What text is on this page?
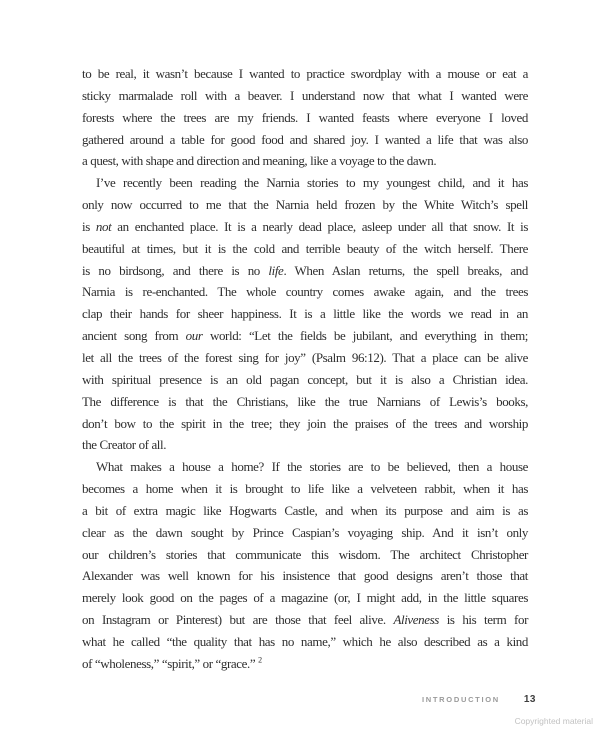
to be real, it wasn’t because I wanted to practice swordplay with a mouse or eat a
sticky marmalade roll with a beaver. I understand now that what I wanted were
forests where the trees are my friends. I wanted feasts where everyone I loved
gathered around a table for good food and shared joy. I wanted a life that was also
a quest, with shape and direction and meaning, like a voyage to the dawn.
I’ve recently been reading the Narnia stories to my youngest child, and it has
only now occurred to me that the Narnia held frozen by the White Witch’s spell
is not an enchanted place. It is a nearly dead place, asleep under all that snow. It is
beautiful at times, but it is the cold and terrible beauty of the witch herself. There
is no birdsong, and there is no life. When Aslan returns, the spell breaks, and
Narnia is re-enchanted. The whole country comes awake again, and the trees
clap their hands for sheer happiness. It is a little like the words we read in an
ancient song from our world: “Let the fields be jubilant, and everything in them;
let all the trees of the forest sing for joy” (Psalm 96:12). That a place can be alive
with spiritual presence is an old pagan concept, but it is also a Christian idea.
The difference is that the Christians, like the true Narnians of Lewis’s books,
don’t bow to the spirit in the tree; they join the praises of the trees and worship
the Creator of all.
What makes a house a home? If the stories are to be believed, then a house
becomes a home when it is brought to life like a velveteen rabbit, when it has
a bit of extra magic like Hogwarts Castle, and when its purpose and aim is as
clear as the dawn sought by Prince Caspian’s voyaging ship. And it isn’t only
our children’s stories that communicate this wisdom. The architect Christopher
Alexander was well known for his insistence that good designs aren’t those that
merely look good on the pages of a magazine (or, I might add, in the little squares
on Instagram or Pinterest) but are those that feel alive. Aliveness is his term for
what he called “the quality that has no name,” which he also described as a kind
of “wholeness,” “spirit,” or “grace.” $^2$
INTRODUCTION 13
Copyrighted material
